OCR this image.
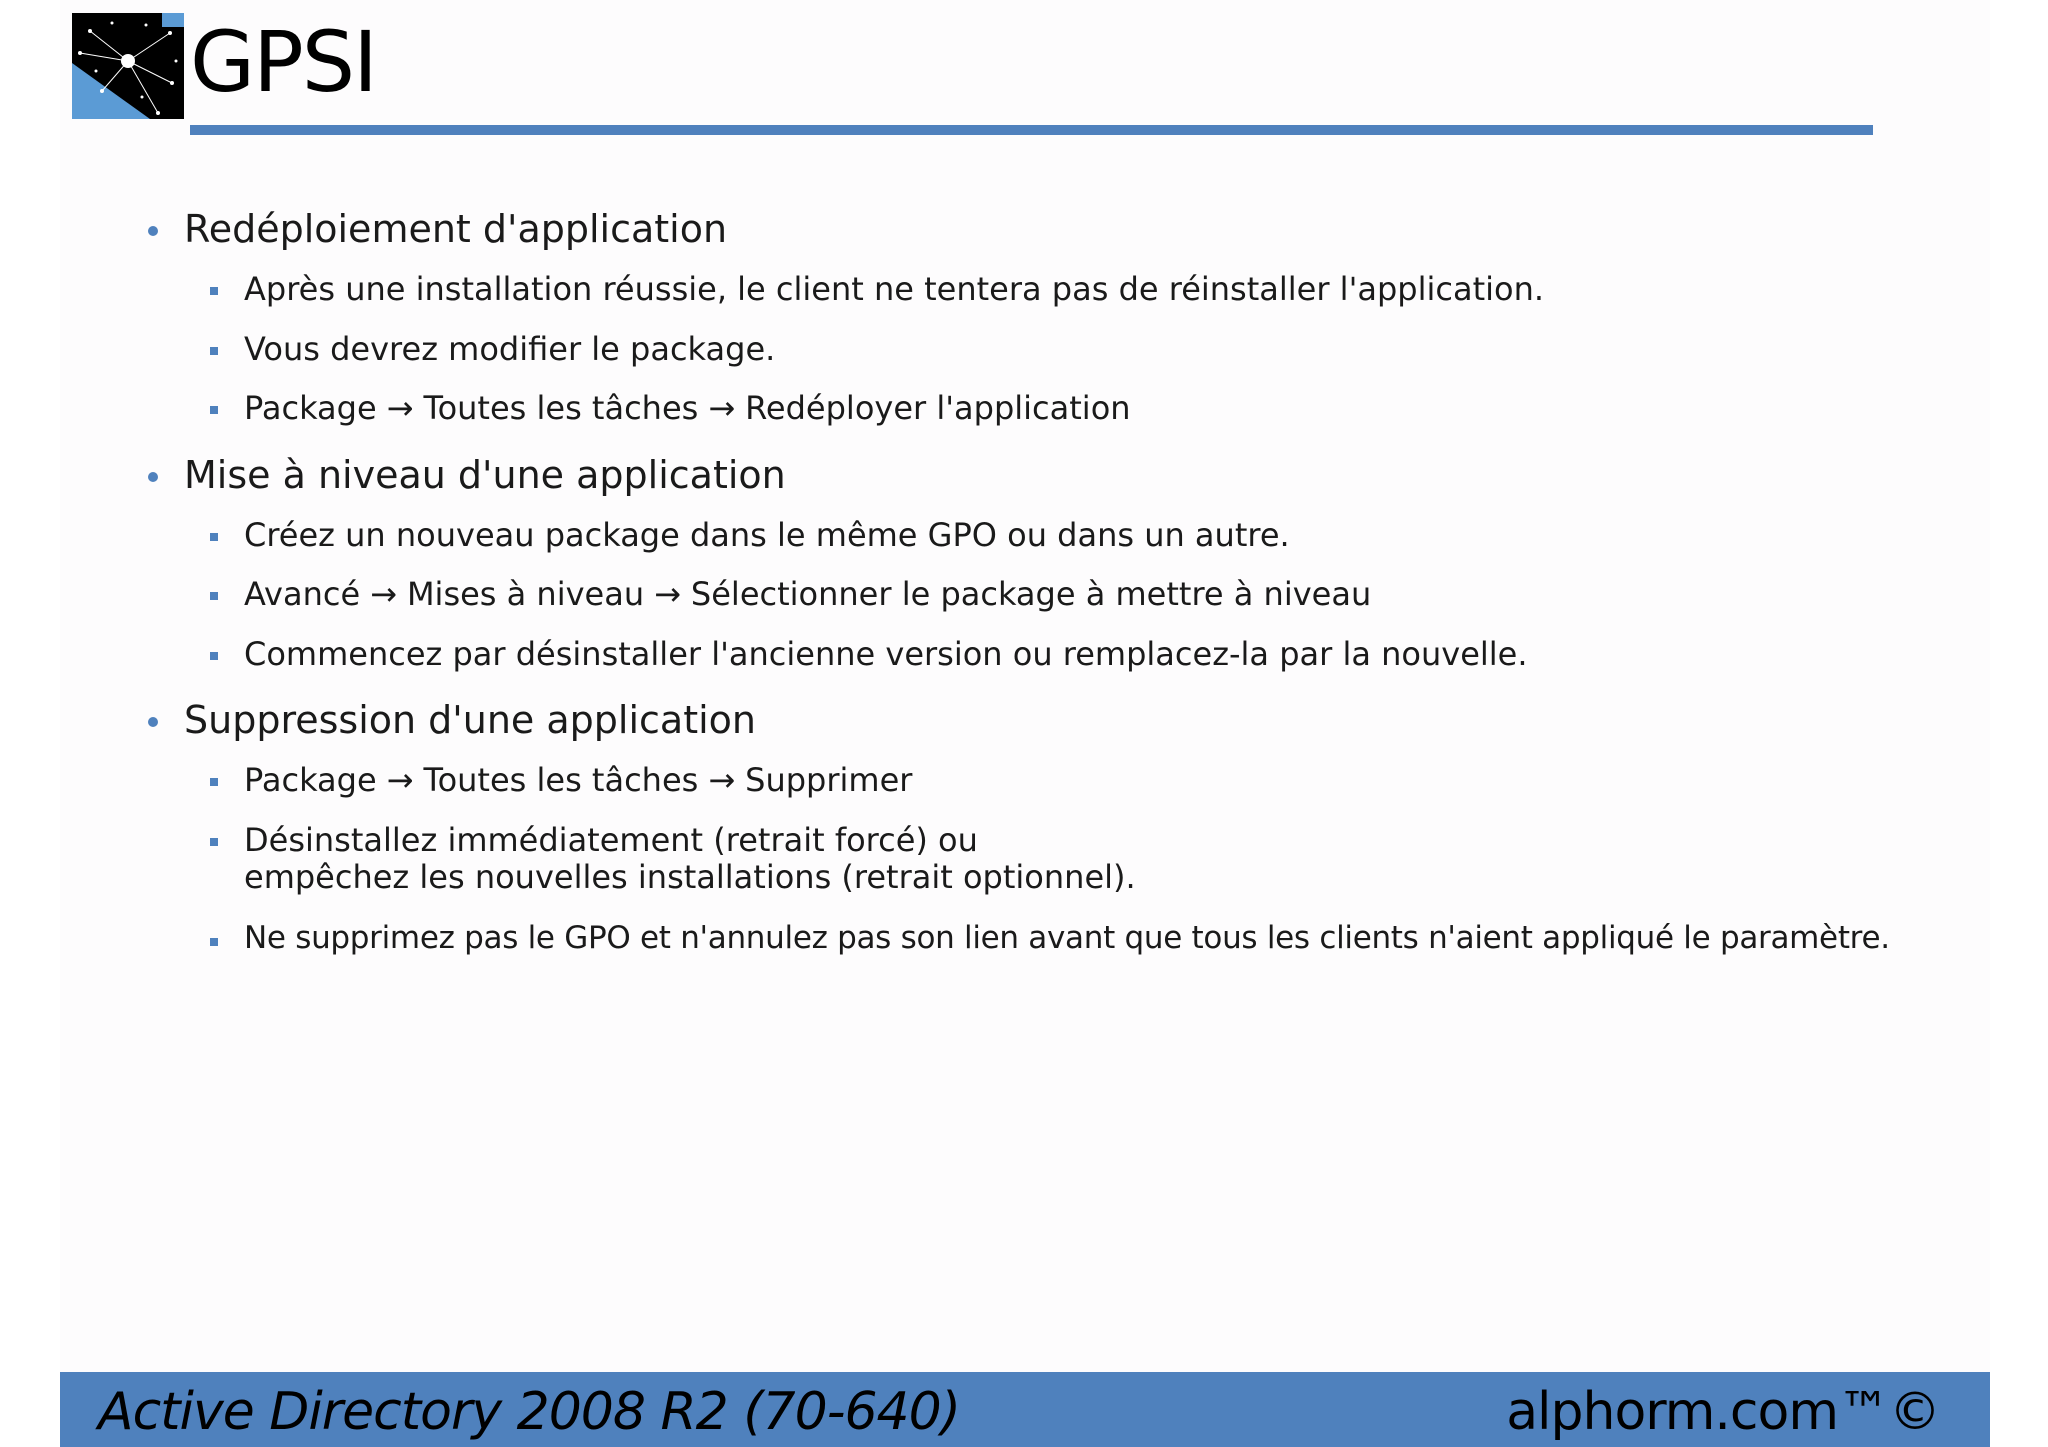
GPSI
Redéploiement d'application
Après une installation réussie, le client ne tentera pas de réinstaller l'application.
Vous devrez modifier le package.
Package → Toutes les tâches → Redéployer l'application
Mise à niveau d'une application
Créez un nouveau package dans le même GPO ou dans un autre.
Avancé → Mises à niveau → Sélectionner le package à mettre à niveau
Commencez par désinstaller l'ancienne version ou remplacez-la par la nouvelle.
Suppression d'une application
Package → Toutes les tâches → Supprimer
Désinstallez immédiatement (retrait forcé) ou
empêchez les nouvelles installations (retrait optionnel).
Ne supprimez pas le GPO et n'annulez pas son lien avant que tous les clients n'aient appliqué le paramètre.
Active Directory 2008 R2 (70-640)	alphorm.com™©
